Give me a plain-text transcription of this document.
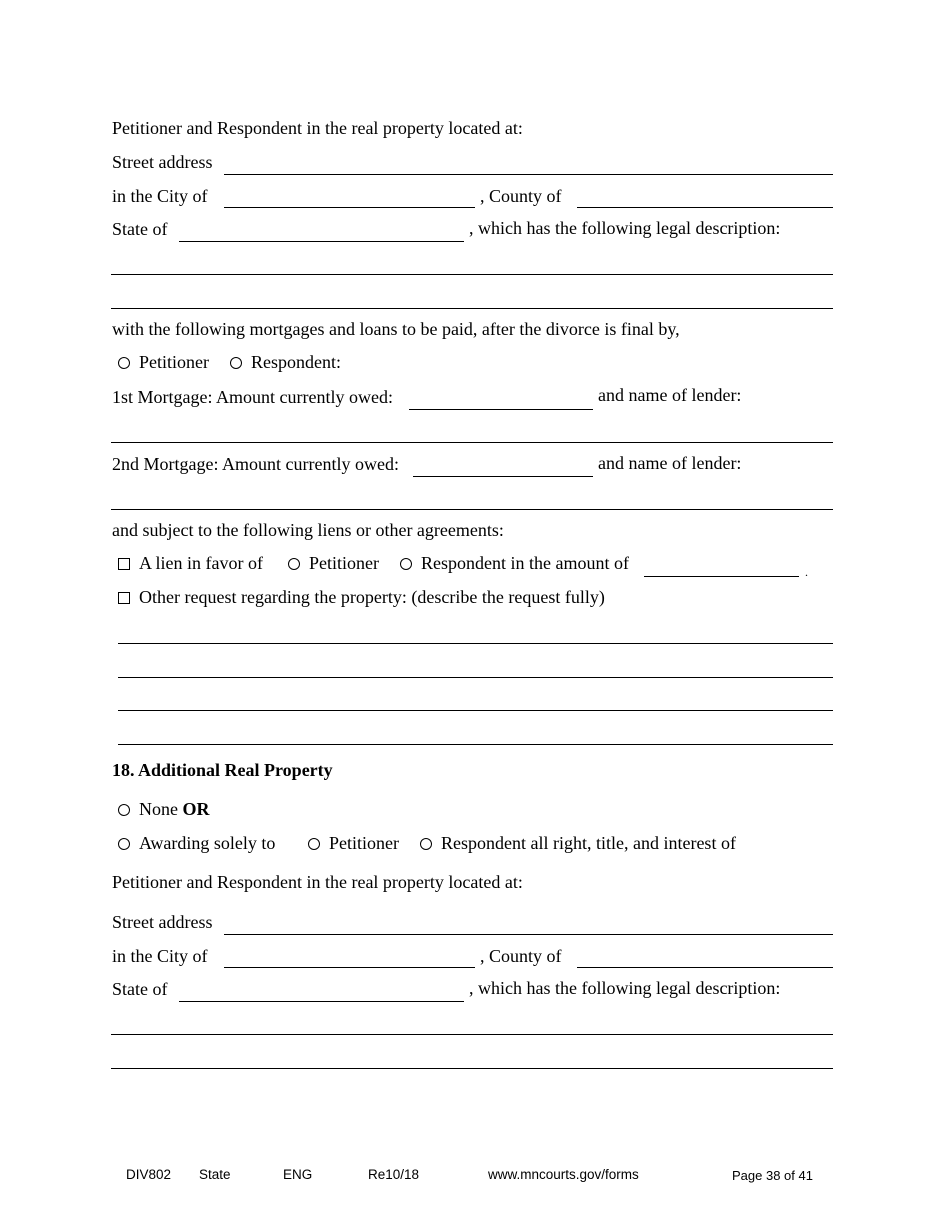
Petitioner and Respondent in the real property located at:
Street address
in the City of	, County of
State of	, which has the following legal description:
with the following mortgages and loans to be paid, after the divorce is final by,
Petitioner Respondent:
1st Mortgage: Amount currently owed:	and name of lender:
2nd Mortgage: Amount currently owed:	and name of lender:
and subject to the following liens or other agreements:
A lien in favor of	Petitioner Respondent in the amount of	.
Other request regarding the property: (describe the request fully)
18. Additional Real Property
None OR
Awarding solely to	Petitioner Respondent all right, title, and interest of
Petitioner and Respondent in the real property located at:
Street address
in the City of	, County of
State of	, which has the following legal description:
DIV802 State	ENG	Re10/18	www.mncourts.gov/forms	Page 38 of 41
